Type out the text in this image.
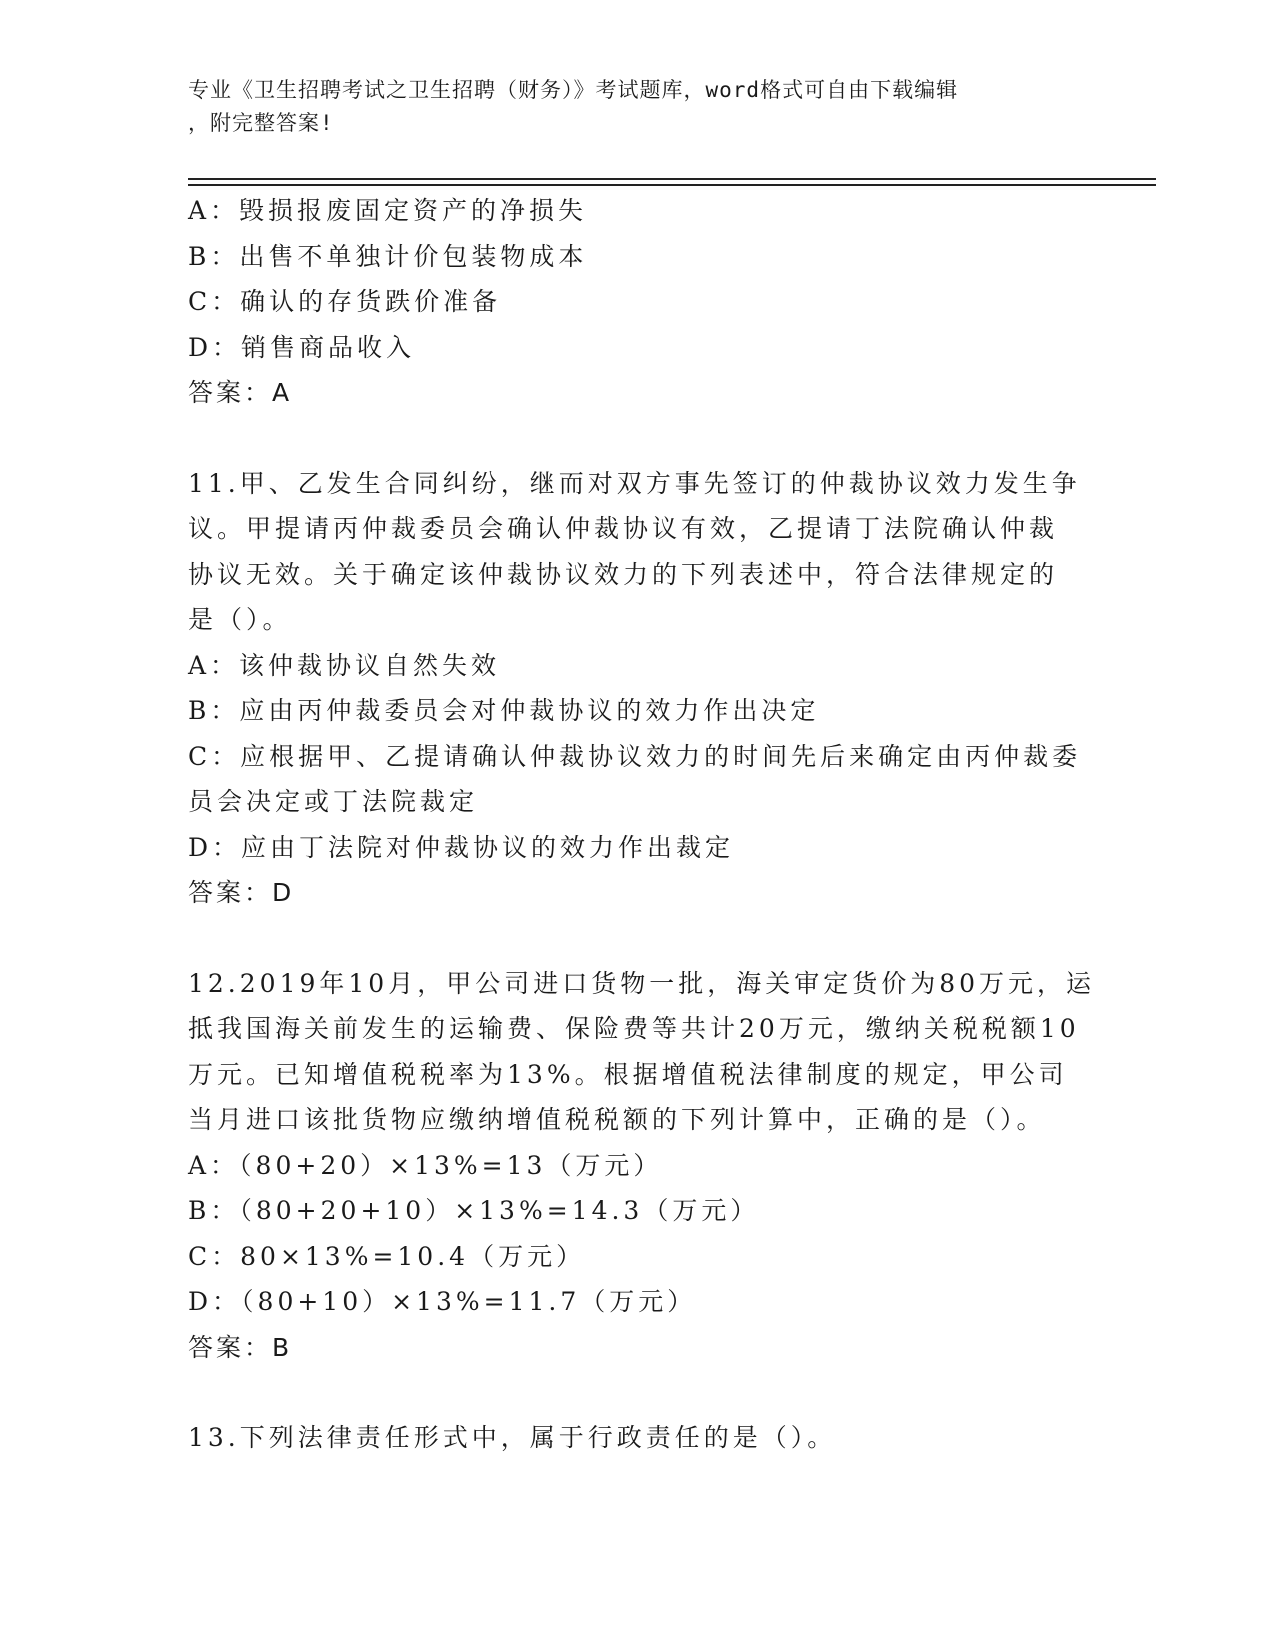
专业《卫生招聘考试之卫生招聘（财务）》考试题库，word格式可自由下载编辑
，附完整答案!
A：毁损报废固定资产的净损失
B：出售不单独计价包装物成本
C：确认的存货跌价准备
D：销售商品收入
答案：A
11.甲、乙发生合同纠纷，继而对双方事先签订的仲裁协议效力发生争
议。甲提请丙仲裁委员会确认仲裁协议有效，乙提请丁法院确认仲裁
协议无效。关于确定该仲裁协议效力的下列表述中，符合法律规定的
是（）。
A：该仲裁协议自然失效
B：应由丙仲裁委员会对仲裁协议的效力作出决定
C：应根据甲、乙提请确认仲裁协议效力的时间先后来确定由丙仲裁委
员会决定或丁法院裁定
D：应由丁法院对仲裁协议的效力作出裁定
答案：D
12.2019年10月，甲公司进口货物一批，海关审定货价为80万元，运
抵我国海关前发生的运输费、保险费等共计20万元，缴纳关税税额10
万元。已知增值税税率为13%。根据增值税法律制度的规定，甲公司
当月进口该批货物应缴纳增值税税额的下列计算中，正确的是（）。
A：（80+20）×13%=13（万元）
B：（80+20+10）×13%=14.3（万元）
C：80×13%=10.4（万元）
D：（80+10）×13%=11.7（万元）
答案：B
13.下列法律责任形式中，属于行政责任的是（）。
